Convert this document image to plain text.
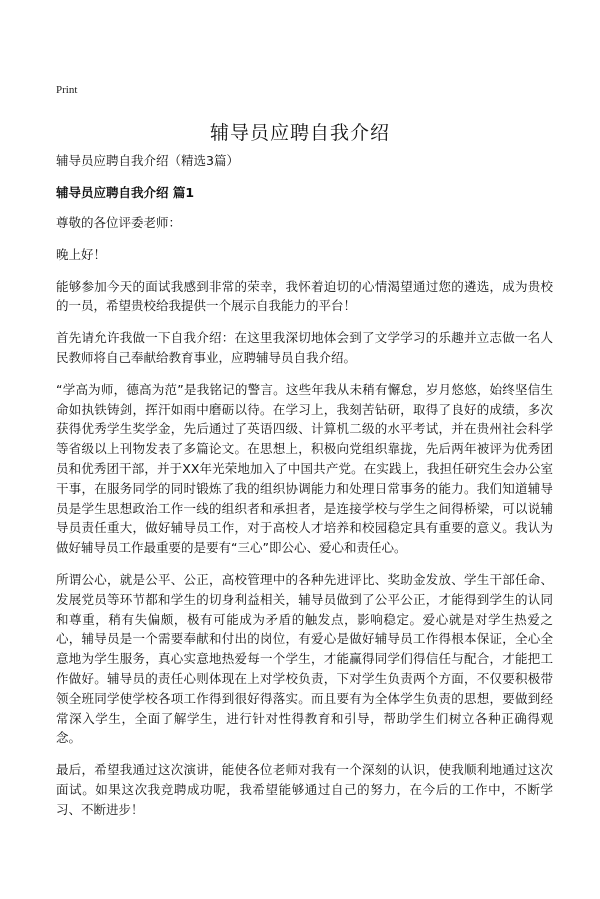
Print
辅导员应聘自我介绍

辅导员应聘自我介绍（精选3篇）

辅导员应聘自我介绍 篇1

尊敬的各位评委老师：

晚上好！

能够参加今天的面试我感到非常的荣幸，我怀着迫切的心情渴望通过您的遴选，成为贵校的一员，希望贵校给我提供一个展示自我能力的平台！

首先请允许我做一下自我介绍：在这里我深切地体会到了文学学习的乐趣并立志做一名人民教师将自己奉献给教育事业，应聘辅导员自我介绍。

“学高为师，德高为范”是我铭记的警言。这些年我从未稍有懈怠，岁月悠悠，始终坚信生命如执铁铸剑，挥汗如雨中磨砺以待。在学习上，我刻苦钻研，取得了良好的成绩，多次获得优秀学生奖学金，先后通过了英语四级、计算机二级的水平考试，并在贵州社会科学等省级以上刊物发表了多篇论文。在思想上，积极向党组织靠拢，先后两年被评为优秀团员和优秀团干部，并于XX年光荣地加入了中国共产党。在实践上，我担任研究生会办公室干事，在服务同学的同时锻炼了我的组织协调能力和处理日常事务的能力。我们知道辅导员是学生思想政治工作一线的组织者和承担者，是连接学校与学生之间得桥梁，可以说辅导员责任重大，做好辅导员工作，对于高校人才培养和校园稳定具有重要的意义。我认为做好辅导员工作最重要的是要有“三心”即公心、爱心和责任心。

所谓公心，就是公平、公正，高校管理中的各种先进评比、奖助金发放、学生干部任命、发展党员等环节都和学生的切身利益相关，辅导员做到了公平公正，才能得到学生的认同和尊重，稍有失偏颇，极有可能成为矛盾的触发点，影响稳定。爱心就是对学生热爱之心，辅导员是一个需要奉献和付出的岗位，有爱心是做好辅导员工作得根本保证，全心全意地为学生服务，真心实意地热爱每一个学生，才能赢得同学们得信任与配合，才能把工作做好。辅导员的责任心则体现在上对学校负责，下对学生负责两个方面，不仅要积极带领全班同学使学校各项工作得到很好得落实。而且要有为全体学生负责的思想，要做到经常深入学生，全面了解学生，进行针对性得教育和引导，帮助学生们树立各种正确得观念。

最后，希望我通过这次演讲，能使各位老师对我有一个深刻的认识，使我顺利地通过这次面试。如果这次我竞聘成功呢，我希望能够通过自己的努力，在今后的工作中，不断学习、不断进步！
